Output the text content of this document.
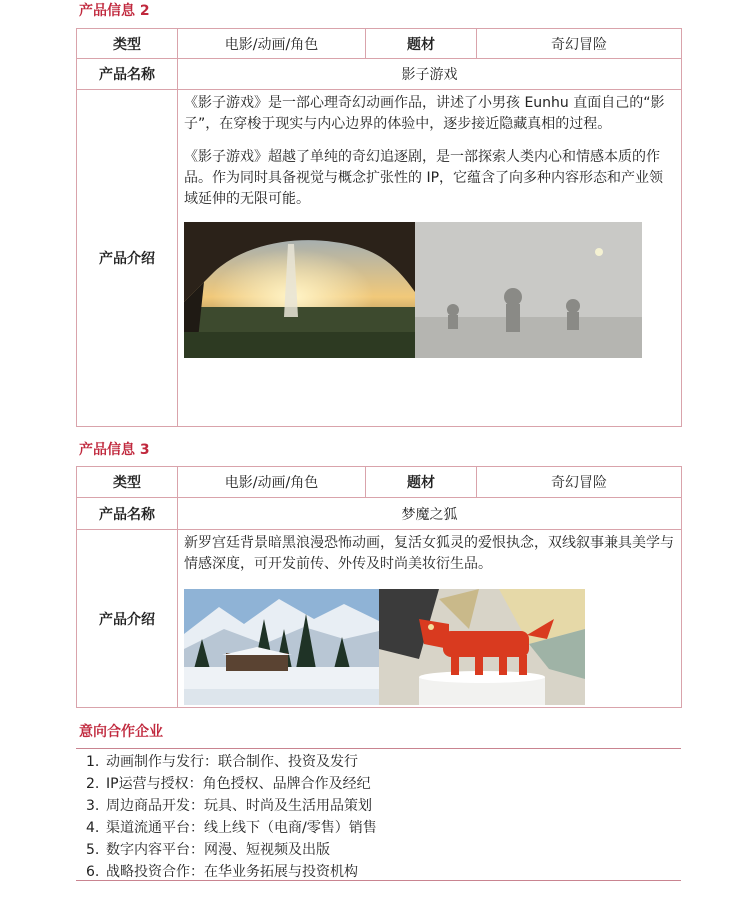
产品信息 2
类型	电影/动画/角色	题材	奇幻冒险
产品名称	影子游戏		
产品介绍	《影子游戏》是一部心理奇幻动画作品，讲述了小男孩 Eunhu 直面自己的“影子”，在穿梭于现实与内心边界的体验中，逐步接近隐藏真相的过程。

《影子游戏》超越了单纯的奇幻追逐剧，是一部探索人类内心和情感本质的作品。作为同时具备视觉与概念扩张性的 IP，它蕴含了向多种内容形态和产业领域延伸的无限可能。		

产品信息 3
类型	电影/动画/角色	题材	奇幻冒险
产品名称	梦魔之狐		
产品介绍	新罗宫廷背景暗黑浪漫恐怖动画，复活女狐灵的爱恨执念，双线叙事兼具美学与情感深度，可开发前传、外传及时尚美妆衍生品。		

意向合作企业
1. 动画制作与发行：联合制作、投资及发行
2. IP运营与授权：角色授权、品牌合作及经纪
3. 周边商品开发：玩具、时尚及生活用品策划
4. 渠道流通平台：线上线下（电商/零售）销售
5. 数字内容平台：网漫、短视频及出版
6. 战略投资合作：在华业务拓展与投资机构
